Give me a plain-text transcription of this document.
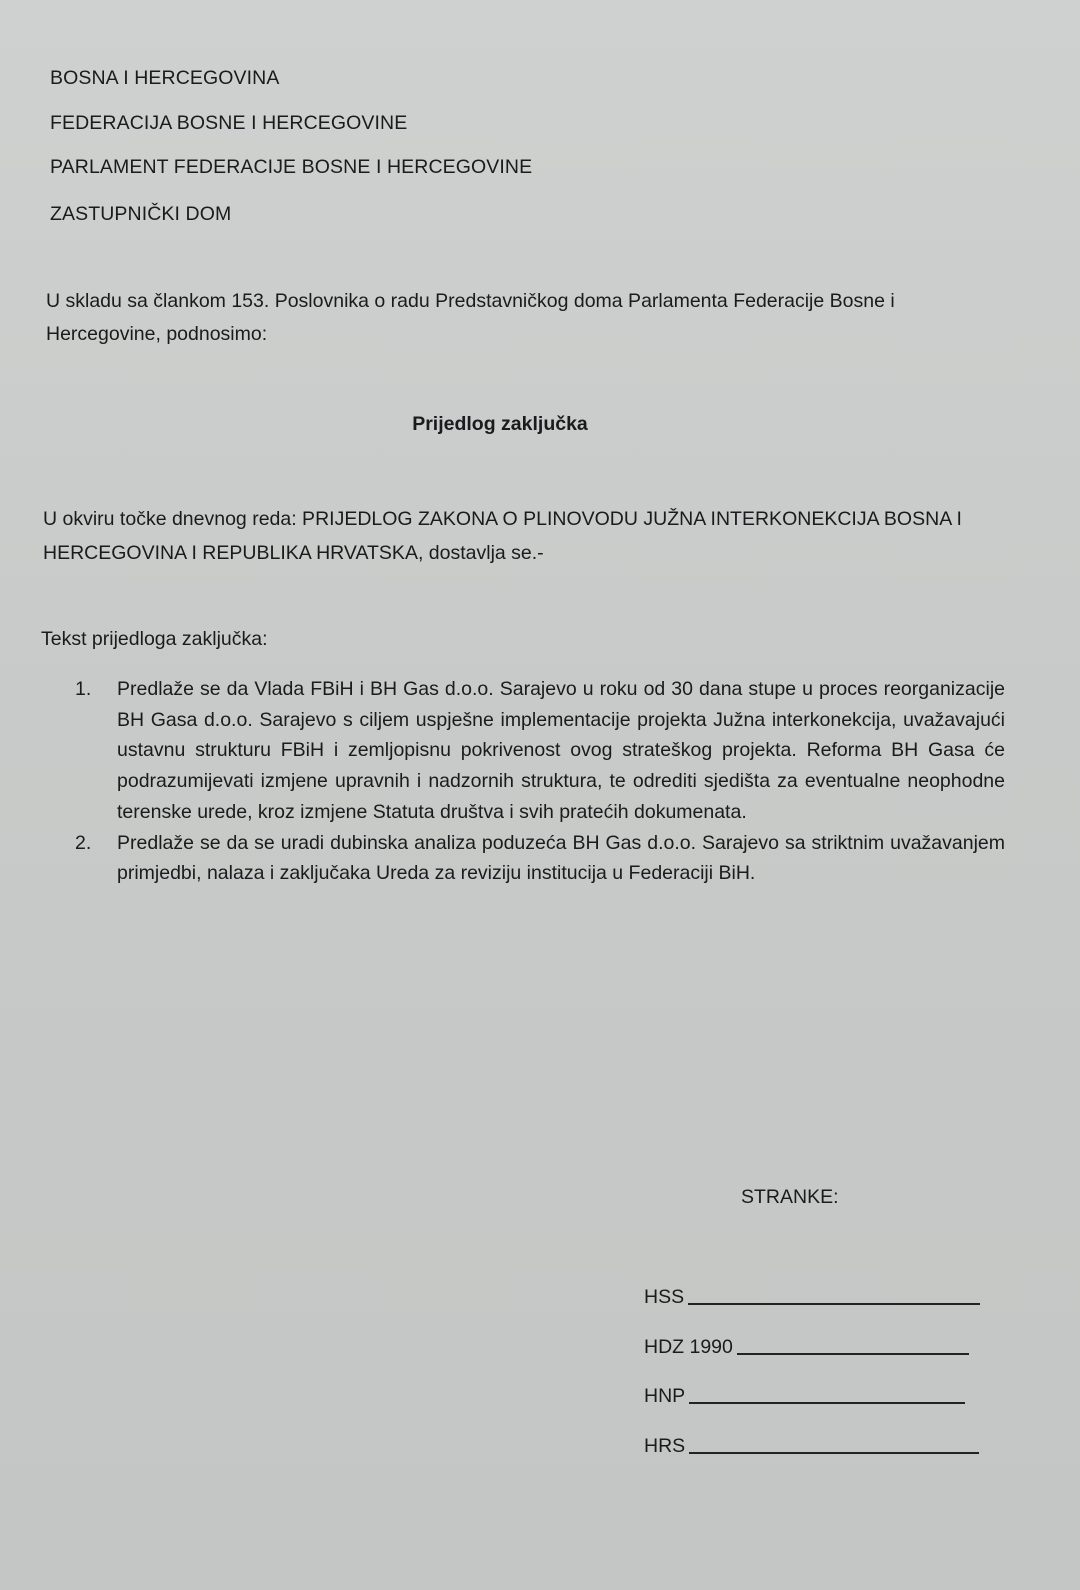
BOSNA I HERCEGOVINA
FEDERACIJA BOSNE I HERCEGOVINE
PARLAMENT FEDERACIJE BOSNE I HERCEGOVINE
ZASTUPNIČKI DOM
U skladu sa člankom 153. Poslovnika o radu Predstavničkog doma Parlamenta Federacije Bosne i Hercegovine, podnosimo:
Prijedlog zaključka
U okviru točke dnevnog reda: PRIJEDLOG ZAKONA O PLINOVODU JUŽNA INTERKONEKCIJA BOSNA I HERCEGOVINA I REPUBLIKA HRVATSKA, dostavlja se.-
Tekst prijedloga zaključka:
1.	Predlaže se da Vlada FBiH i BH Gas d.o.o. Sarajevo u roku od 30 dana stupe u proces reorganizacije BH Gasa d.o.o. Sarajevo s ciljem uspješne implementacije projekta Južna interkonekcija, uvažavajući ustavnu strukturu FBiH i zemljopisnu pokrivenost ovog strateškog projekta. Reforma BH Gasa će podrazumijevati izmjene upravnih i nadzornih struktura, te odrediti sjedišta za eventualne neophodne terenske urede, kroz izmjene Statuta društva i svih pratećih dokumenata.
2.	Predlaže se da se uradi dubinska analiza poduzeća BH Gas d.o.o. Sarajevo sa striktnim uvažavanjem primjedbi, nalaza i zaključaka Ureda za reviziju institucija u Federaciji BiH.
STRANKE:
HSS
HDZ 1990
HNP
HRS
